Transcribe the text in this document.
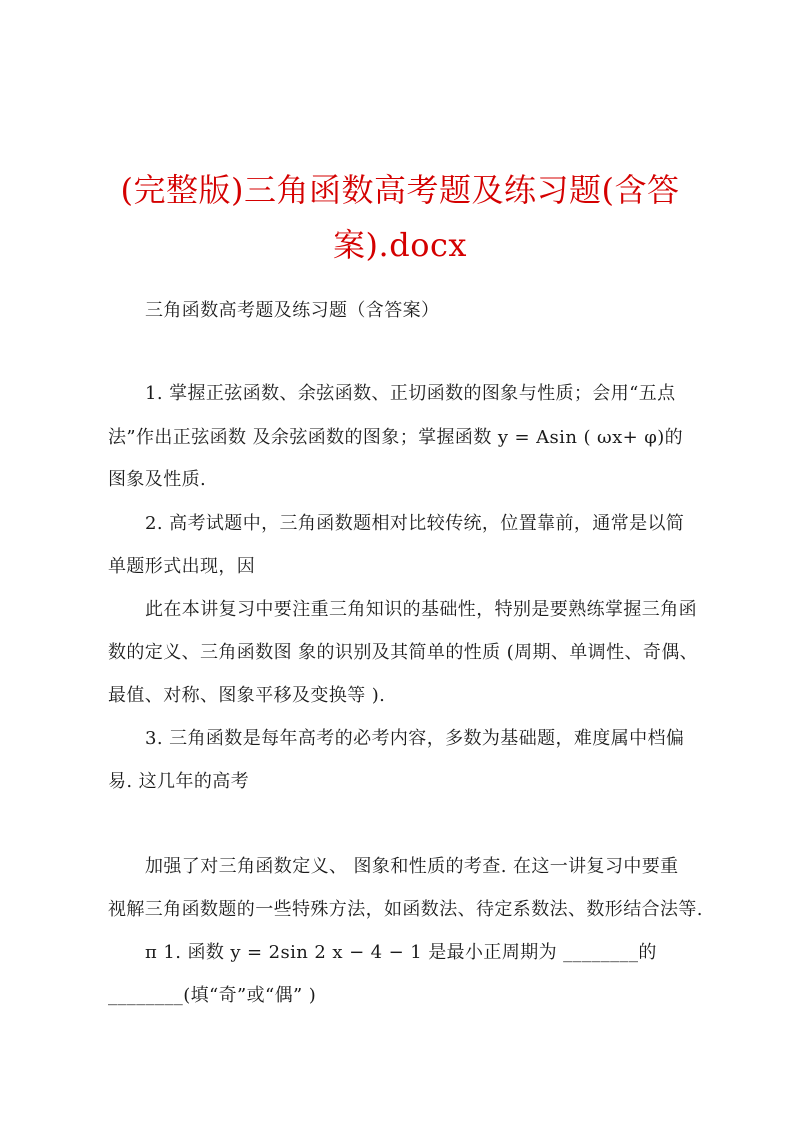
(完整版)三角函数高考题及练习题(含答
案).docx
三角函数高考题及练习题（含答案）
1. 掌握正弦函数、余弦函数、正切函数的图象与性质；会用“五点
法”作出正弦函数 及余弦函数的图象；掌握函数 y = Asin ( ωx+ φ)的
图象及性质.
2. 高考试题中，三角函数题相对比较传统，位置靠前，通常是以简
单题形式出现，因
此在本讲复习中要注重三角知识的基础性，特别是要熟练掌握三角函
数的定义、三角函数图 象的识别及其简单的性质 (周期、单调性、奇偶、
最值、对称、图象平移及变换等 ).
3. 三角函数是每年高考的必考内容，多数为基础题，难度属中档偏
易. 这几年的高考
加强了对三角函数定义、 图象和性质的考查. 在这一讲复习中要重
视解三角函数题的一些特殊方法，如函数法、待定系数法、数形结合法等.
π 1. 函数 y = 2sin 2 x − 4 − 1 是最小正周期为 ________的
________(填“奇”或“偶” )
